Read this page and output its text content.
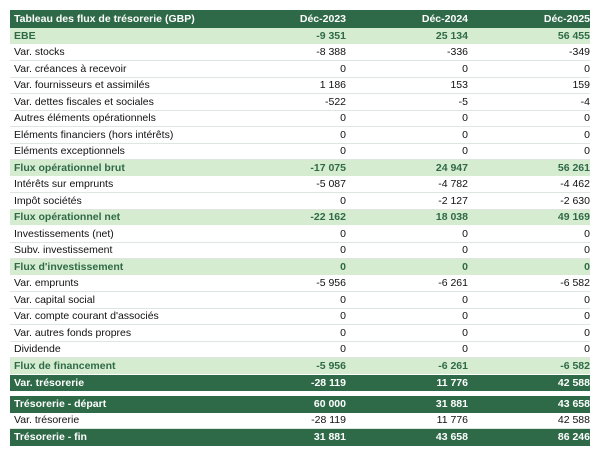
Tableau des flux de trésorerie (GBP)	Déc-2023	Déc-2024	Déc-2025
EBE	-9 351	25 134	56 455
Var. stocks	-8 388	-336	-349
Var. créances à recevoir	0	0	0
Var. fournisseurs et assimilés	1 186	153	159
Var. dettes fiscales et sociales	-522	-5	-4
Autres éléments opérationnels	0	0	0
Eléments financiers (hors intérêts)	0	0	0
Eléments exceptionnels	0	0	0
Flux opérationnel brut	-17 075	24 947	56 261
Intérêts sur emprunts	-5 087	-4 782	-4 462
Impôt sociétés	0	-2 127	-2 630
Flux opérationnel net	-22 162	18 038	49 169
Investissements (net)	0	0	0
Subv. investissement	0	0	0
Flux d'investissement	0	0	0
Var. emprunts	-5 956	-6 261	-6 582
Var. capital social	0	0	0
Var. compte courant d'associés	0	0	0
Var. autres fonds propres	0	0	0
Dividende	0	0	0
Flux de financement	-5 956	-6 261	-6 582
Var. trésorerie	-28 119	11 776	42 588
Trésorerie - départ	60 000	31 881	43 658
Var. trésorerie	-28 119	11 776	42 588
Trésorerie - fin	31 881	43 658	86 246
